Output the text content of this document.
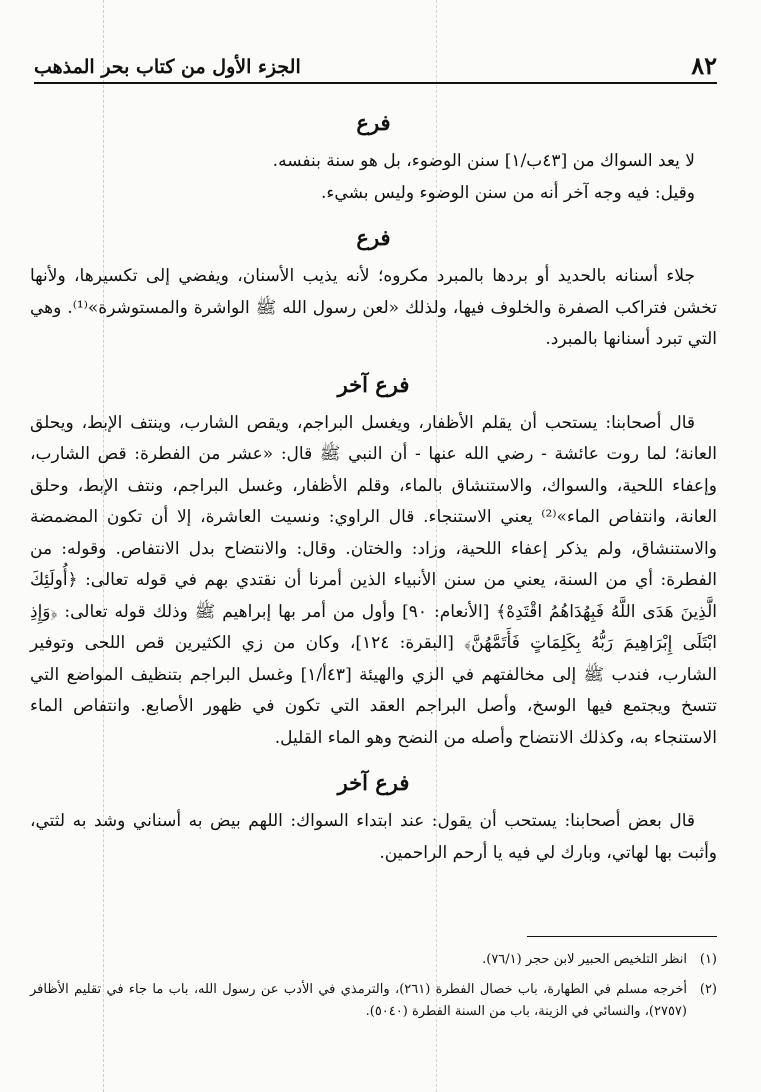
٨٢
الجزء الأول من كتاب بحر المذهب
فرع

لا يعد السواك من [٤٣ب/١] سنن الوضوء، بل هو سنة بنفسه.

وقيل: فيه وجه آخر أنه من سنن الوضوء وليس بشيء.

فرع

جلاء أسنانه بالحديد أو بردها بالمبرد مكروه؛ لأنه يذيب الأسنان، ويفضي إلى تكسيرها، ولأنها تخشن فتراكب الصفرة والخلوف فيها، ولذلك «لعن رسول الله ﷺ الواشرة والمستوشرة»⁽¹⁾. وهي التي تبرد أسنانها بالمبرد.

فرع آخر

قال أصحابنا: يستحب أن يقلم الأظفار، ويغسل البراجم، ويقص الشارب، وينتف الإبط، ويحلق العانة؛ لما روت عائشة - رضي الله عنها - أن النبي ﷺ قال: «عشر من الفطرة: قص الشارب، وإعفاء اللحية، والسواك، والاستنشاق بالماء، وقلم الأظفار، وغسل البراجم، ونتف الإبط، وحلق العانة، وانتفاص الماء»⁽²⁾ يعني الاستنجاء. قال الراوي: ونسيت العاشرة، إلا أن تكون المضمضة والاستنشاق، ولم يذكر إعفاء اللحية، وزاد: والختان. وقال: والانتضاح بدل الانتفاص. وقوله: من الفطرة: أي من السنة، يعني من سنن الأنبياء الذين أمرنا أن نقتدي بهم في قوله تعالى: ﴿أُولَئِكَ الَّذِينَ هَدَى اللَّهُ فَبِهُدَاهُمُ اقْتَدِهْ﴾ [الأنعام: ٩٠] وأول من أمر بها إبراهيم ﷺ وذلك قوله تعالى: ﴿وَإِذِ ابْتَلَى إِبْرَاهِيمَ رَبُّهُ بِكَلِمَاتٍ فَأَتَمَّهُنَّ﴾ [البقرة: ١٢٤]، وكان من زي الكثيرين قص اللحى وتوفير الشارب، فندب ﷺ إلى مخالفتهم في الزي والهيئة [٤٣أ/١] وغسل البراجم بتنظيف المواضع التي تتسخ ويجتمع فيها الوسخ، وأصل البراجم العقد التي تكون في ظهور الأصابع. وانتفاص الماء الاستنجاء به، وكذلك الانتضاح وأصله من النضح وهو الماء القليل.

فرع آخر

قال بعض أصحابنا: يستحب أن يقول: عند ابتداء السواك: اللهم بيض به أسناني وشد به لثتي، وأثبت بها لهاتي، وبارك لي فيه يا أرحم الراحمين.

(١)
انظر التلخيص الحبير لابن حجر (٧٦/١).
(٢)
أخرجه مسلم في الطهارة، باب خصال الفطرة (٢٦١)، والترمذي في الأدب عن رسول الله، باب ما جاء في تقليم الأظافر (٢٧٥٧)، والنسائي في الزينة، باب من السنة الفطرة (٥٠٤٠).
